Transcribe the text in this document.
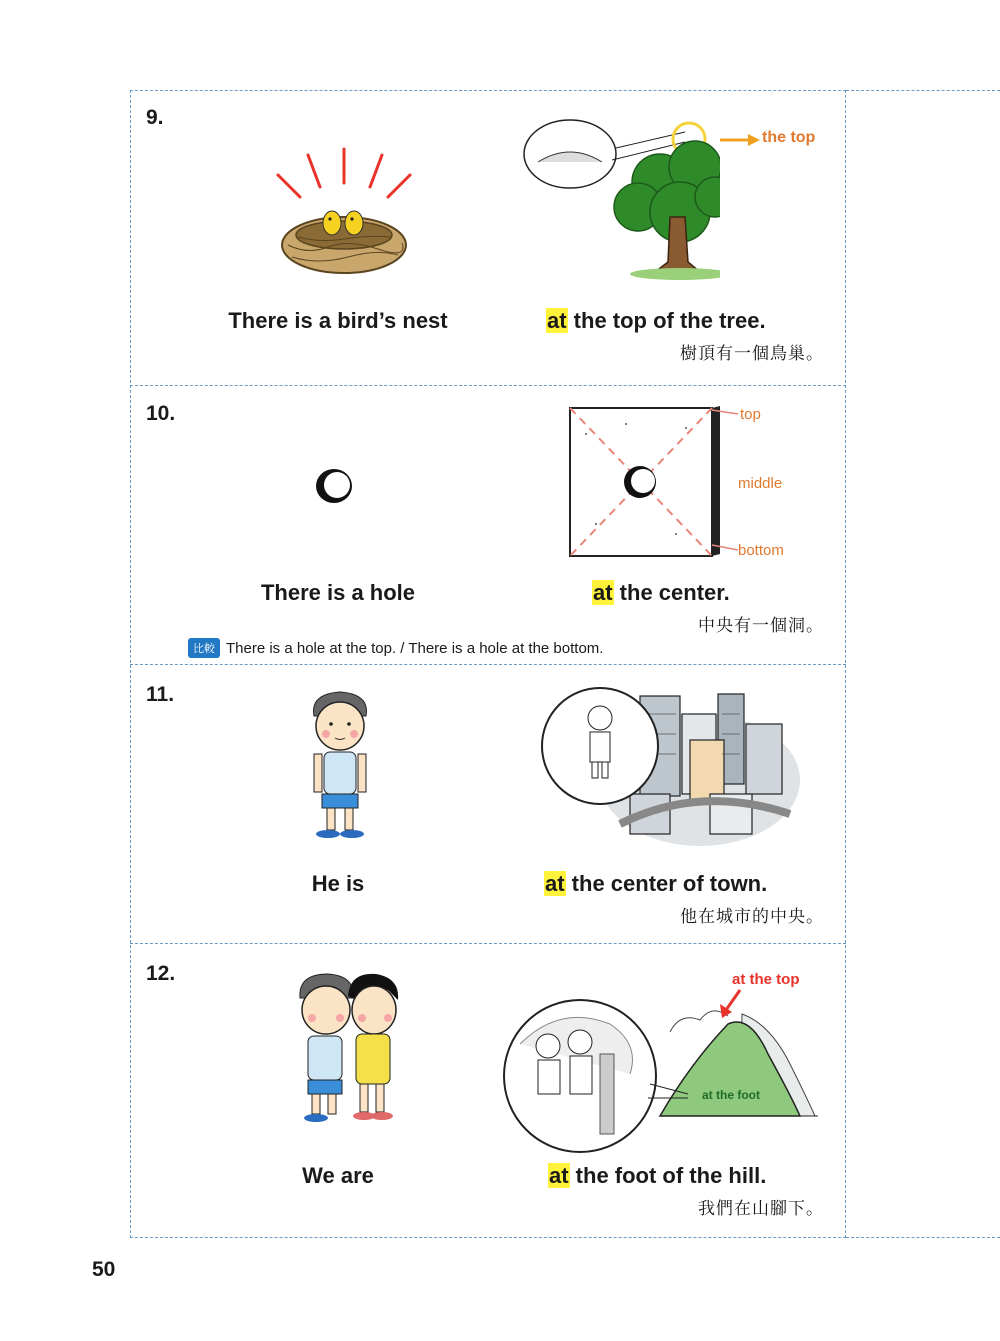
9.
the top
There is a bird’s nest	at the top of the tree.
樹頂有一個鳥巢。
10.	top
middle
bottom
There is a hole	at the center.
中央有一個洞。
比較 There is a hole at the top. / There is a hole at the bottom.
11.
He is	at the center of town.
他在城市的中央。
12.	at the top
at the foot
We are	at the foot of the hill.
我們在山腳下。
50
